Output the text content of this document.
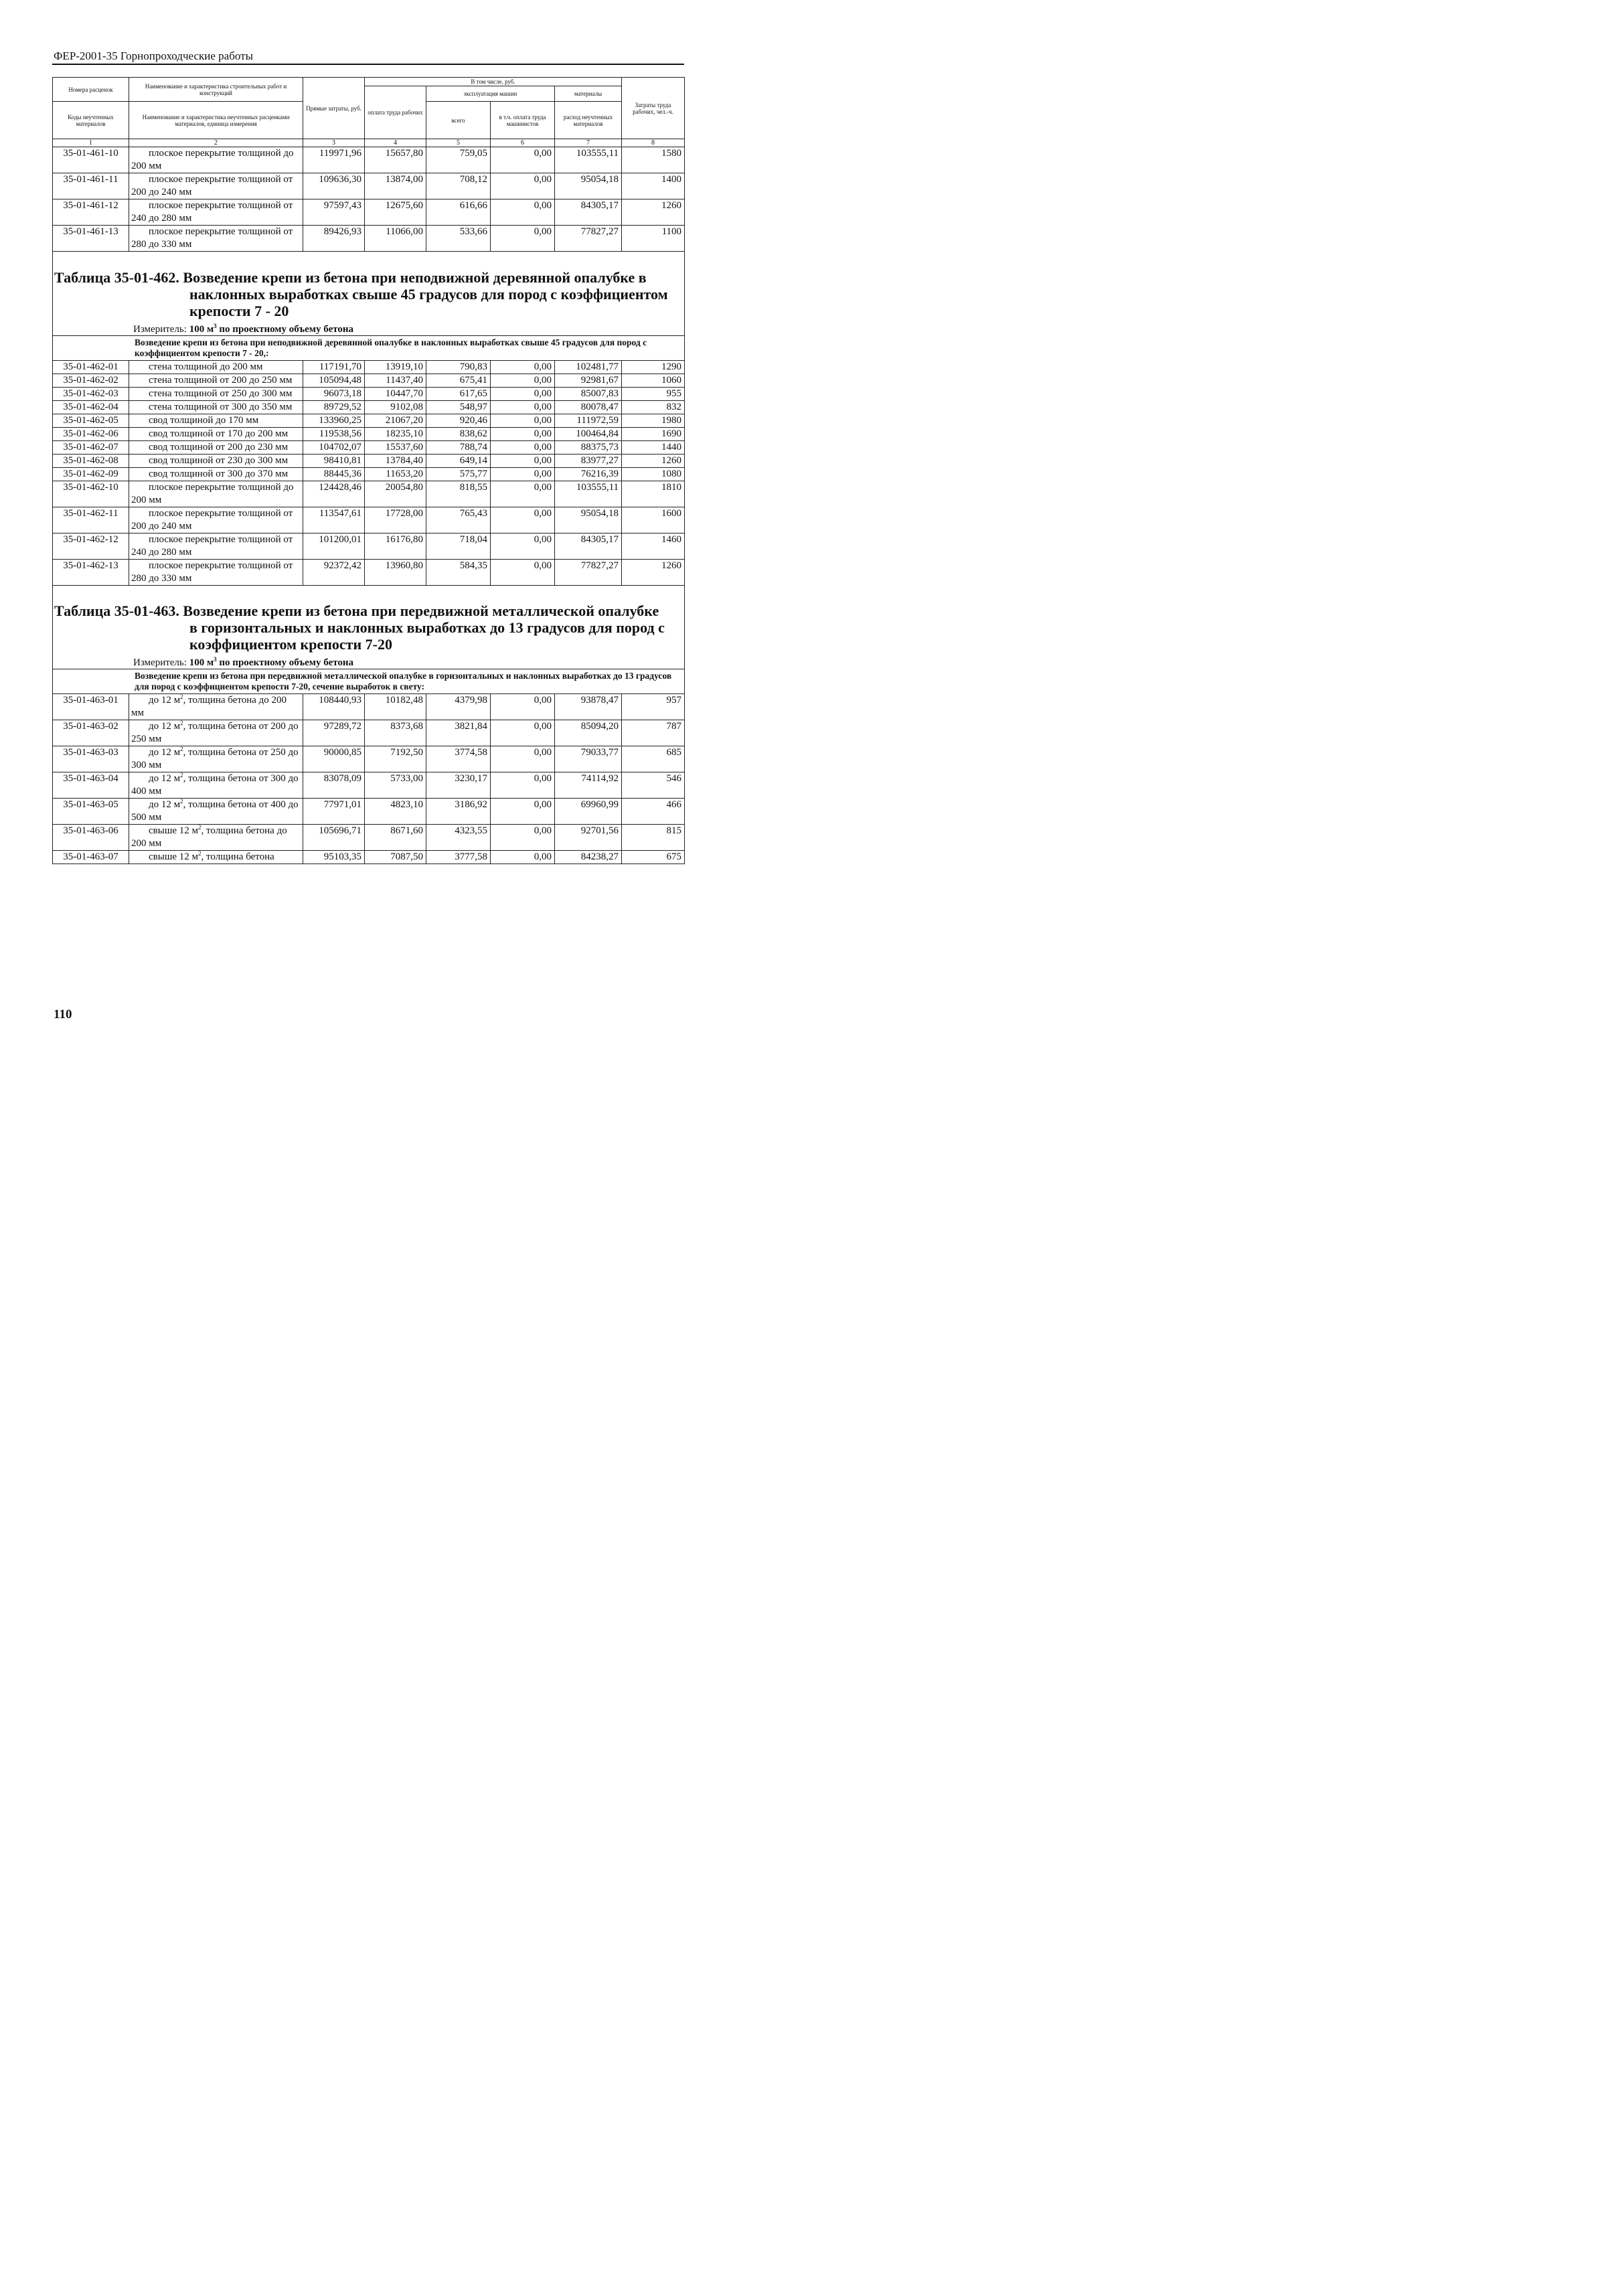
ФЕР-2001-35 Горнопроходческие работы
Номера расценок	Наименование и характеристика строительных работ и конструкций	Прямые затраты, руб.	В том числе, руб.				Затраты труда рабочих, чел.-ч.
			оплата труда рабочих	эксплуатация машин		материалы	
Коды неучтенных материалов	Наименование и характеристика неучтенных расценками материалов, единица измерения			всего	в т.ч. оплата труда машинистов	расход неучтенных материалов	

1	2	3	4	5	6	7	8
35-01-461-10	плоское перекрытие толщиной до 200 мм	119971,96	15657,80	759,05	0,00	103555,11	1580
35-01-461-11	плоское перекрытие толщиной от 200 до 240 мм	109636,30	13874,00	708,12	0,00	95054,18	1400
35-01-461-12	плоское перекрытие толщиной от 240 до 280 мм	97597,43	12675,60	616,66	0,00	84305,17	1260
35-01-461-13	плоское перекрытие толщиной от 280 до 330 мм	89426,93	11066,00	533,66	0,00	77827,27	1100

Таблица 35-01-462. Возведение крепи из бетона при неподвижной деревянной опалубке в
наклонных выработках свыше 45 градусов для пород с коэффициентом
крепости 7 - 20
Измеритель: 100 $м^3$ по проектному объему бетона							

Возведение крепи из бетона при неподвижной деревянной опалубке в наклонных выработках свыше 45 градусов для пород с коэффициентом крепости 7 - 20,:							
35-01-462-01	стена толщиной до 200 мм	117191,70	13919,10	790,83	0,00	102481,77	1290
35-01-462-02	стена толщиной от 200 до 250 мм	105094,48	11437,40	675,41	0,00	92981,67	1060
35-01-462-03	стена толщиной от 250 до 300 мм	96073,18	10447,70	617,65	0,00	85007,83	955
35-01-462-04	стена толщиной от 300 до 350 мм	89729,52	9102,08	548,97	0,00	80078,47	832
35-01-462-05	свод толщиной до 170 мм	133960,25	21067,20	920,46	0,00	111972,59	1980
35-01-462-06	свод толщиной от 170 до 200 мм	119538,56	18235,10	838,62	0,00	100464,84	1690
35-01-462-07	свод толщиной от 200 до 230 мм	104702,07	15537,60	788,74	0,00	88375,73	1440
35-01-462-08	свод толщиной от 230 до 300 мм	98410,81	13784,40	649,14	0,00	83977,27	1260
35-01-462-09	свод толщиной от 300 до 370 мм	88445,36	11653,20	575,77	0,00	76216,39	1080
35-01-462-10	плоское перекрытие толщиной до 200 мм	124428,46	20054,80	818,55	0,00	103555,11	1810
35-01-462-11	плоское перекрытие толщиной от 200 до 240 мм	113547,61	17728,00	765,43	0,00	95054,18	1600
35-01-462-12	плоское перекрытие толщиной от 240 до 280 мм	101200,01	16176,80	718,04	0,00	84305,17	1460
35-01-462-13	плоское перекрытие толщиной от 280 до 330 мм	92372,42	13960,80	584,35	0,00	77827,27	1260

Таблица 35-01-463. Возведение крепи из бетона при передвижной металлической опалубке
в горизонтальных и наклонных выработках до 13 градусов для пород с
коэффициентом крепости 7-20
Измеритель: 100 $м^3$ по проектному объему бетона							

Возведение крепи из бетона при передвижной металлической опалубке в горизонтальных и наклонных выработках до 13 градусов для пород с коэффициентом крепости 7-20, сечение выработок в свету:							
35-01-463-01	до 12 $м^2$, толщина бетона до 200 мм	108440,93	10182,48	4379,98	0,00	93878,47	957
35-01-463-02	до 12 $м^2$, толщина бетона от 200 до 250 мм	97289,72	8373,68	3821,84	0,00	85094,20	787
35-01-463-03	до 12 $м^2$, толщина бетона от 250 до 300 мм	90000,85	7192,50	3774,58	0,00	79033,77	685
35-01-463-04	до 12 $м^2$, толщина бетона от 300 до 400 мм	83078,09	5733,00	3230,17	0,00	74114,92	546
35-01-463-05	до 12 $м^2$, толщина бетона от 400 до 500 мм	77971,01	4823,10	3186,92	0,00	69960,99	466
35-01-463-06	свыше 12 $м^2$, толщина бетона до 200 мм	105696,71	8671,60	4323,55	0,00	92701,56	815
35-01-463-07	свыше 12 $м^2$, толщина бетона	95103,35	7087,50	3777,58	0,00	84238,27	675
110
